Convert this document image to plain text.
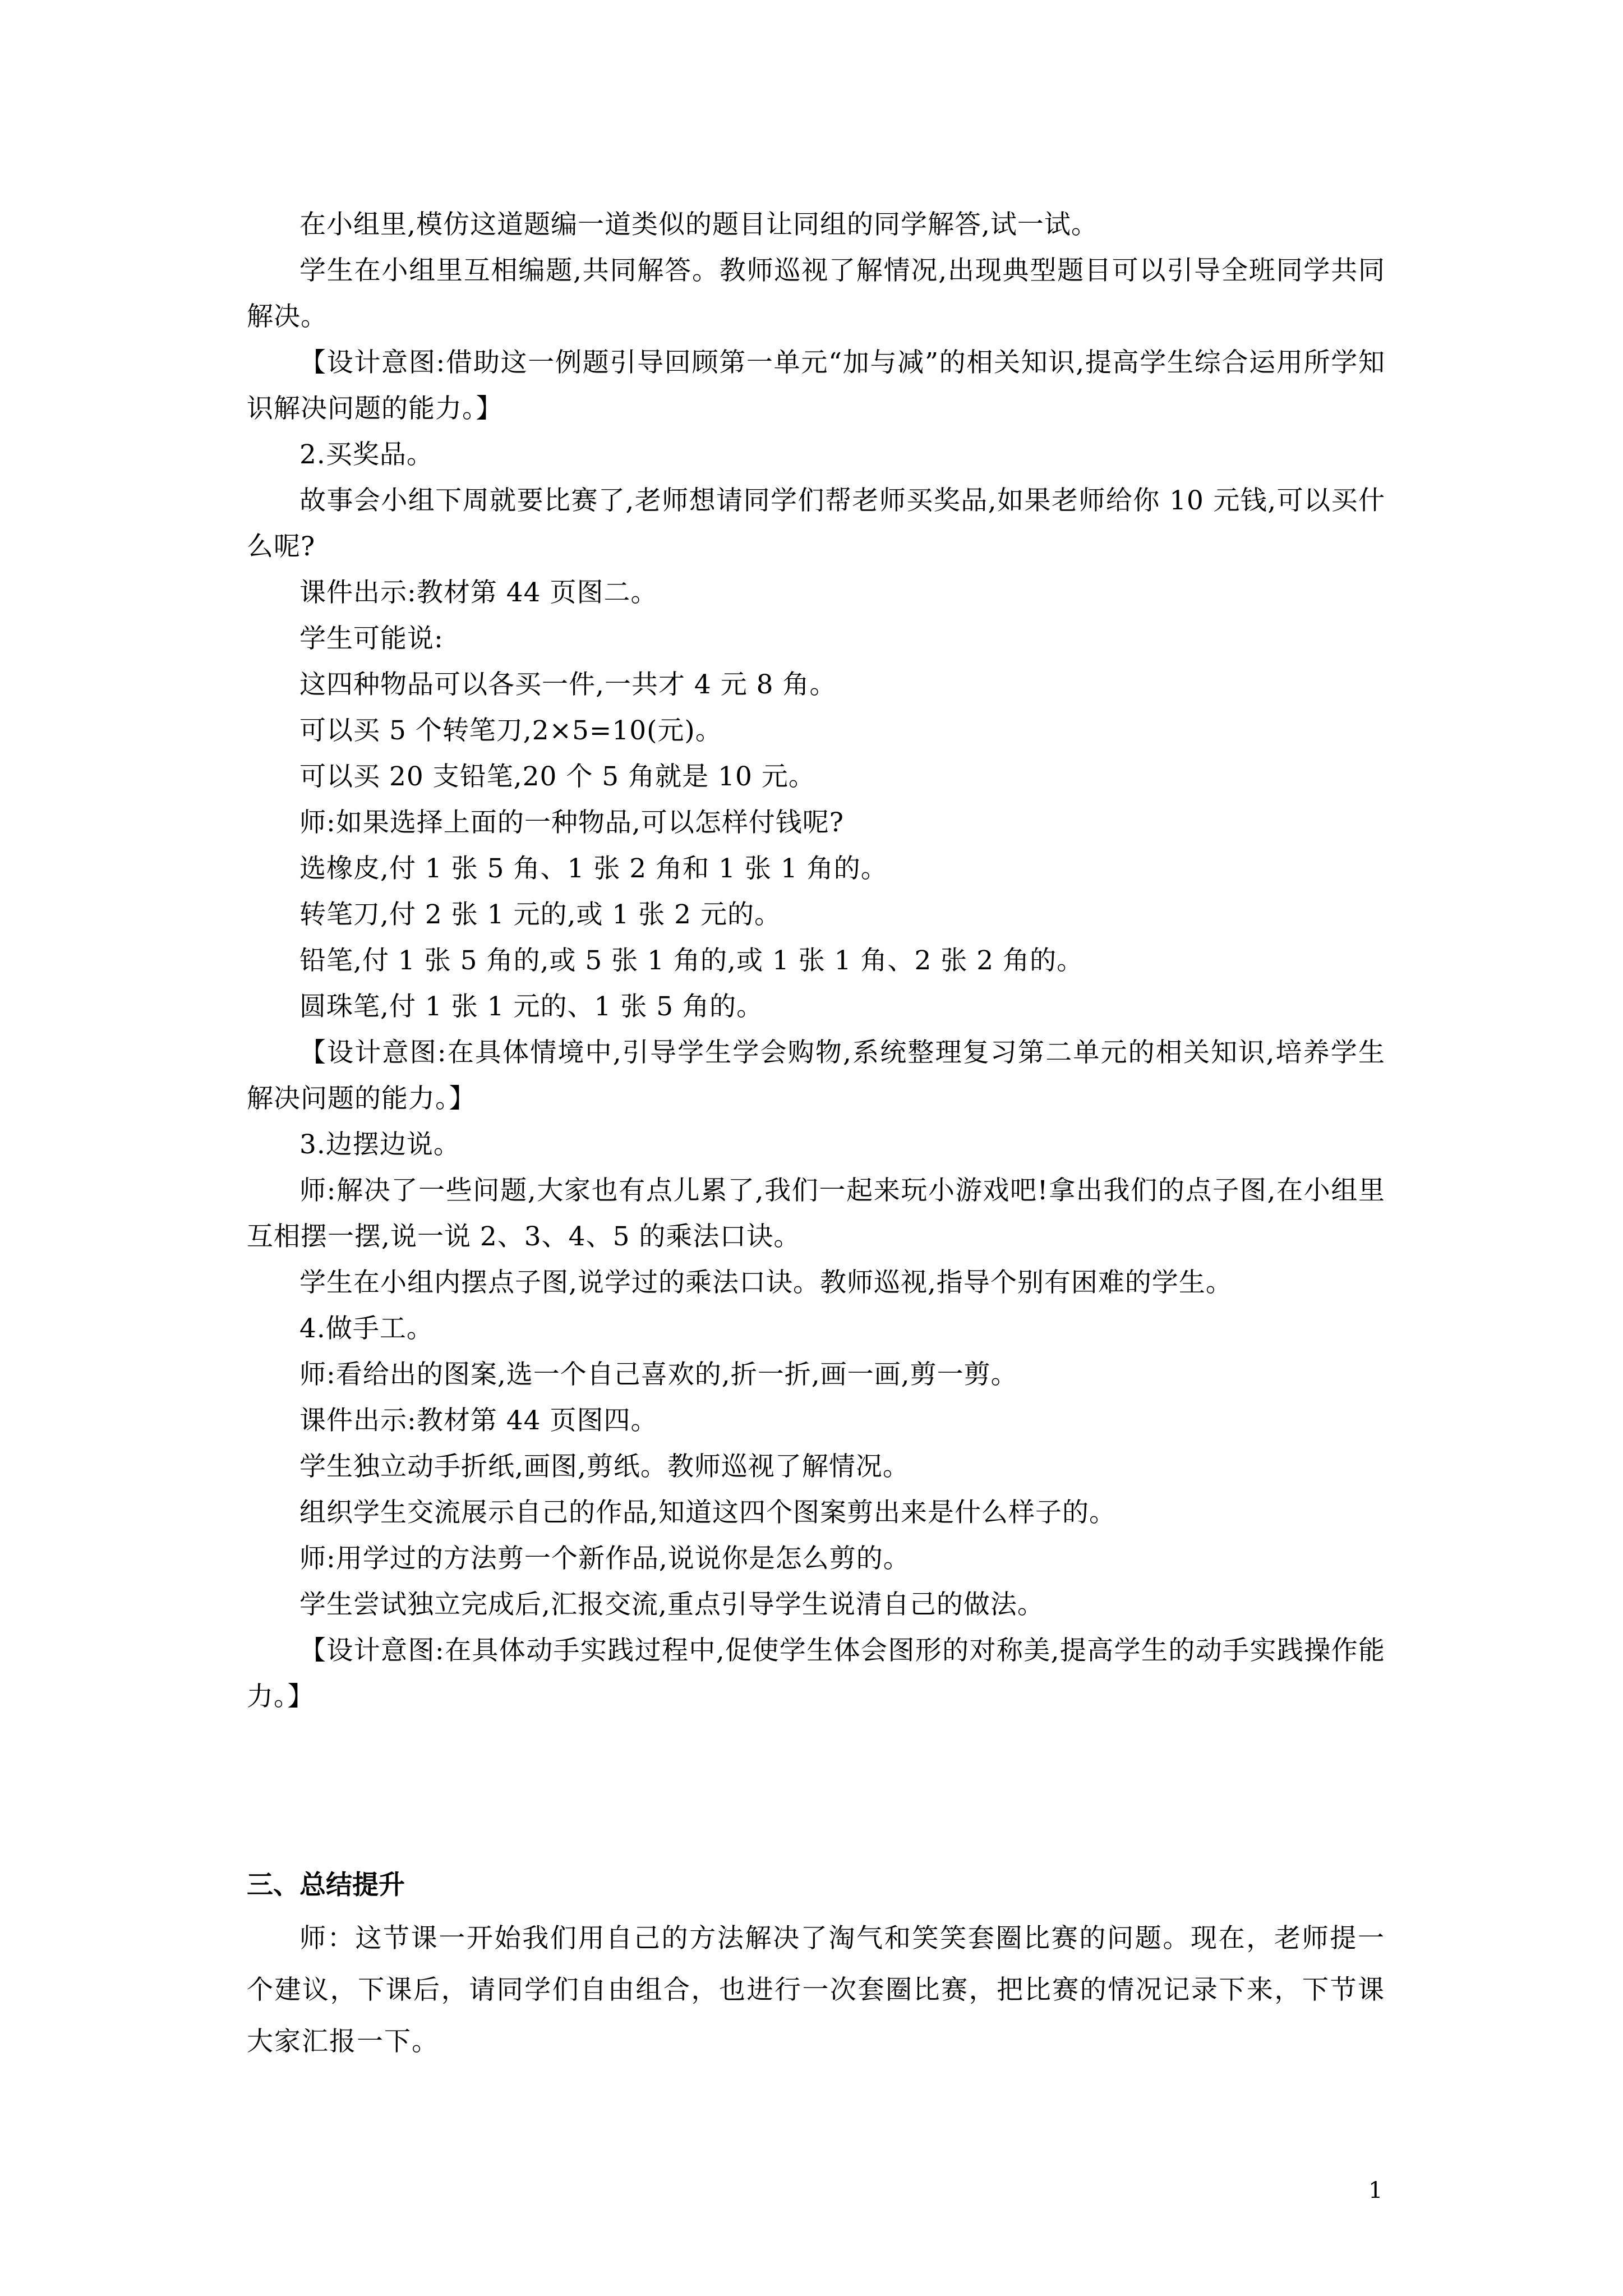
在小组里,模仿这道题编一道类似的题目让同组的同学解答,试一试。

学生在小组里互相编题,共同解答。教师巡视了解情况,出现典型题目可以引导全班同学共同解决。

【设计意图:借助这一例题引导回顾第一单元“加与减”的相关知识,提高学生综合运用所学知识解决问题的能力。】

2.买奖品。

故事会小组下周就要比赛了,老师想请同学们帮老师买奖品,如果老师给你 10 元钱,可以买什么呢?

课件出示:教材第 44 页图二。

学生可能说:

这四种物品可以各买一件,一共才 4 元 8 角。

可以买 5 个转笔刀,2×5=10(元)。

可以买 20 支铅笔,20 个 5 角就是 10 元。

师:如果选择上面的一种物品,可以怎样付钱呢?

选橡皮,付 1 张 5 角、1 张 2 角和 1 张 1 角的。

转笔刀,付 2 张 1 元的,或 1 张 2 元的。

铅笔,付 1 张 5 角的,或 5 张 1 角的,或 1 张 1 角、2 张 2 角的。

圆珠笔,付 1 张 1 元的、1 张 5 角的。

【设计意图:在具体情境中,引导学生学会购物,系统整理复习第二单元的相关知识,培养学生解决问题的能力。】

3.边摆边说。

师:解决了一些问题,大家也有点儿累了,我们一起来玩小游戏吧!拿出我们的点子图,在小组里互相摆一摆,说一说 2、3、4、5 的乘法口诀。

学生在小组内摆点子图,说学过的乘法口诀。教师巡视,指导个别有困难的学生。

4.做手工。

师:看给出的图案,选一个自己喜欢的,折一折,画一画,剪一剪。

课件出示:教材第 44 页图四。

学生独立动手折纸,画图,剪纸。教师巡视了解情况。

组织学生交流展示自己的作品,知道这四个图案剪出来是什么样子的。

师:用学过的方法剪一个新作品,说说你是怎么剪的。

学生尝试独立完成后,汇报交流,重点引导学生说清自己的做法。

【设计意图:在具体动手实践过程中,促使学生体会图形的对称美,提高学生的动手实践操作能力。】

三、总结提升

师：这节课一开始我们用自己的方法解决了淘气和笑笑套圈比赛的问题。现在，老师提一个建议，下课后，请同学们自由组合，也进行一次套圈比赛，把比赛的情况记录下来，下节课大家汇报一下。

1
